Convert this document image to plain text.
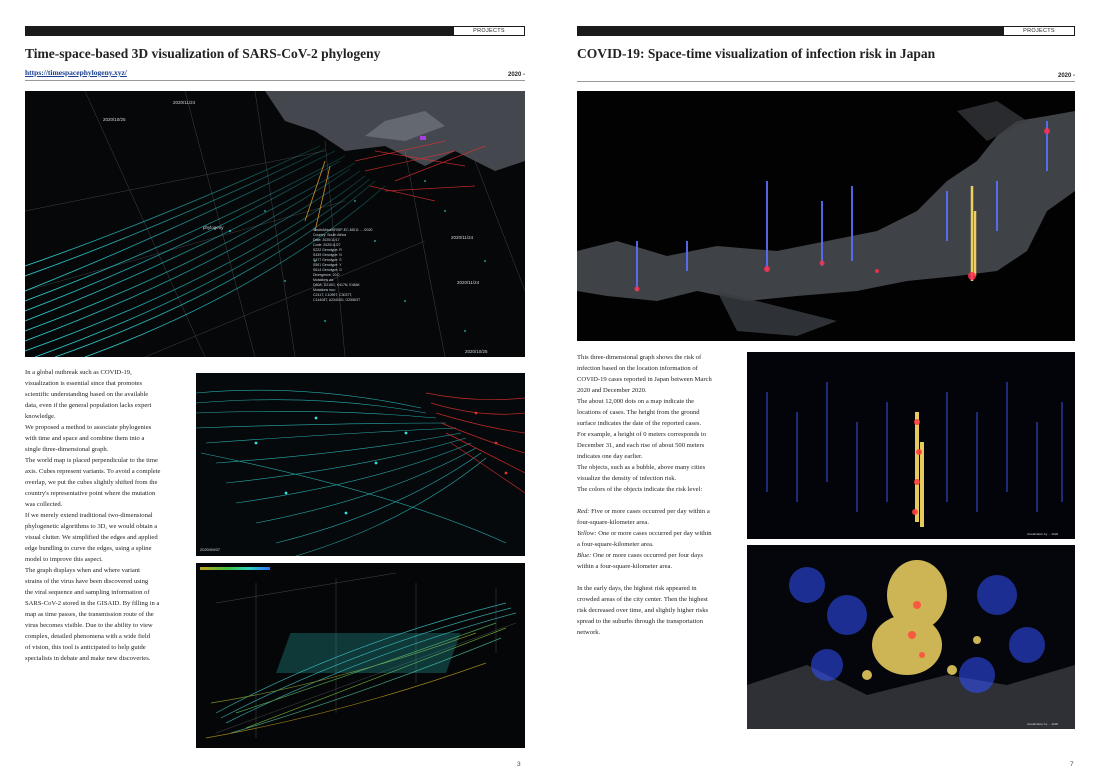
PROJECTS
Time-space-based 3D visualization of SARS-CoV-2 phylogeny
https://timespacephylogeny.xyz/	2020 -
2020/11/24
2020/10/25
2020/11/24
2020/11/24
2020/10/25
phylogeny	SouthAfrica/KRISP-EC-MD11 ... /2020
Country: South Africa
Date: 2020/11/17
Code: 2020/11/27
S222 Genotype: R
S439 Genotype: N
S477 Genotype: S
S501 Genotype: Y
S614 Genotype: G
Divergence: 20.0
Mutations aa:
D80A, D215G, K417N, E484K
Mutations nuc:
C241T, C1059T, C3037T,
C14408T, A23403G, G25563T

In a global outbreak such as COVID-19,

visualization is essential since that promotes

scientific understanding based on the available

data, even if the general population lacks expert

knowledge.

We proposed a method to associate phylogenies

with time and space and combine them into a

single three-dimensional graph.

The world map is placed perpendicular to the time

axis. Cubes represent variants. To avoid a complete

overlap, we put the cubes slightly shifted from the

country's representative point where the mutation

was collected.

If we merely extend traditional two-dimensional

phylogenetic algorithms to 3D, we would obtain a

visual clutter. We simplified the edges and applied

edge bundling to curve the edges, using a spline

model to improve this aspect.

The graph displays when and where variant

strains of the virus have been discovered using

the viral sequence and sampling information of

SARS-CoV-2 stored in the GISAID. By filling in a

map as time passes, the transmission route of the

virus becomes visible. Due to the ability to view

complex, detailed phenomena with a wide field

of vision, this tool is anticipated to help guide

specialists in debate and make new discoveries.

2020/09/07
3
PROJECTS
COVID-19: Space-time visualization of infection risk in Japan
2020 -

This three-dimensional graph shows the risk of

infection based on the location information of

COVID-19 cases reported in Japan between March

2020 and December 2020.

The about 12,000 dots on a map indicate the

locations of cases. The height from the ground

surface indicates the date of the reported cases.

For example, a height of 0 meters corresponds to

December 31, and each rise of about 500 meters

indicates one day earlier.

The objects, such as a bubble, above many cities

visualize the density of infection risk.

The colors of the objects indicate the risk level:

Red: Five or more cases occurred per day within a

four-square-kilometer area.

Yellow: One or more cases occurred per day within

a four-square-kilometer area.

Blue: One or more cases occurred per four days

within a four-square-kilometer area.

In the early days, the highest risk appeared in

crowded areas of the city center. Then the highest

risk decreased over time, and slightly higher risks

spread to the suburbs through the transportation

network.

visualization by ... 2020
visualization by ... 2020
7
